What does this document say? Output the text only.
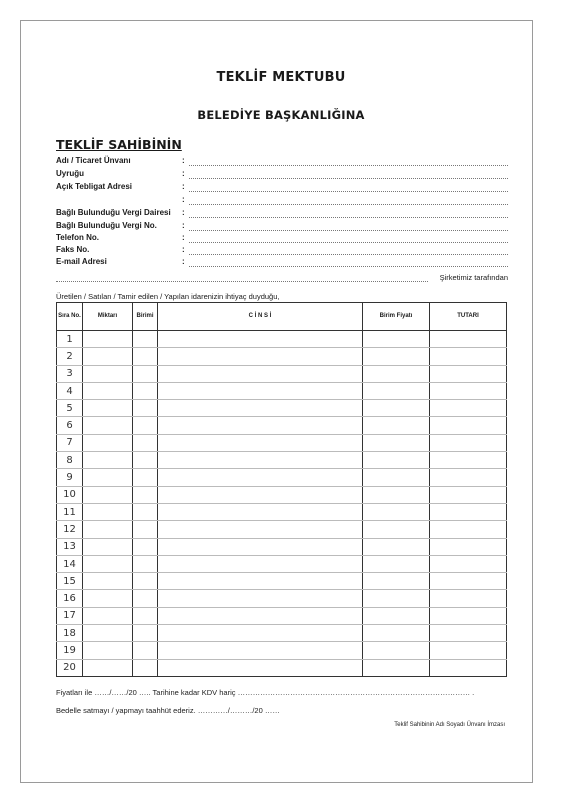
TEKLİF MEKTUBU
BELEDİYE BAŞKANLIĞINA
TEKLİF SAHİBİNİN
Adı / Ticaret Ünvanı	:
Uyruğu	:
Açık Tebligat Adresi	:
:
Bağlı Bulunduğu Vergi Dairesi :
Bağlı Bulunduğu Vergi No.	:
Telefon No.	:
Faks No.	:
E-mail Adresi	:
Şirketimiz tarafından
Üretilen / Satılan / Tamir edilen / Yapılan idarenizin ihtiyaç duyduğu,
Sıra No.	Miktarı	Birimi	C İ N S İ	Birim Fiyatı	TUTARI
1					
2					
3					
4					
5					
6					
7					
8					
9					
10					
11					
12					
13					
14					
15					
16					
17					
18					
19					
20					
Fiyatları ile ……/……/20 ….. Tarihine kadar KDV hariç ………………………………………………………………………………… .
Bedelle satmayı / yapmayı taahhüt ederiz. …………/………/20 ……
Teklif Sahibinin Adı Soyadı Ünvanı İmzası
